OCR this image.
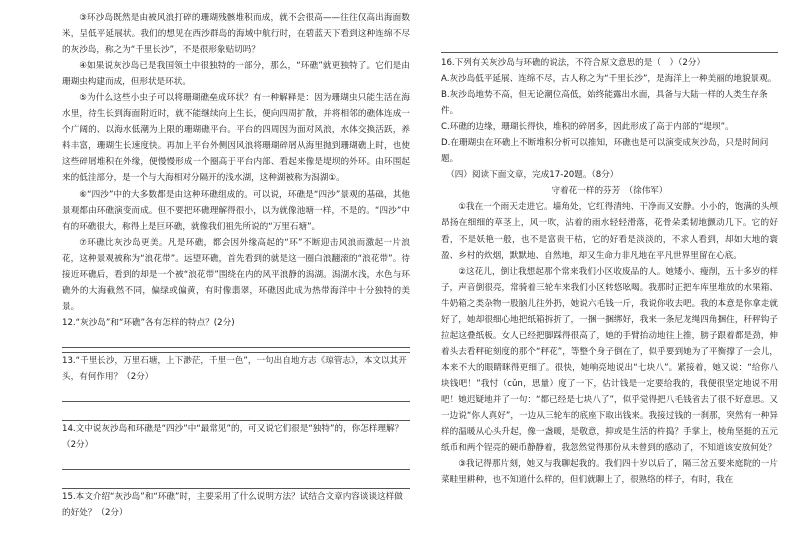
③环沙岛既然是由被风浪打碎的珊瑚残骸堆积而成，就不会很高——往往仅高出海面数米，呈低平延展状。我们的想见在西沙群岛的海域中航行时，在碧蓝天下看到这种连绵不尽的灰沙岛，称之为“千里长沙”，不是很形象贴切吗？

④如果说灰沙岛已是我国领土中很独特的一部分，那么，“环礁”就更独特了。它们是由珊瑚虫构建而成，但形状是环状。

⑤为什么这些小虫子可以将珊瑚礁垒成环状？有一种解释是：因为珊瑚虫只能生活在海水里，待生长到海面附近时，就不能继续向上生长，便向四周扩散，并将相邻的礁体连成一个广阔的、以海水低潮为上限的珊瑚礁平台。平台的四周因为面对风浪，水体交换活跃，养料丰富，珊瑚生长速度快。再加上平台外侧因风浪将珊瑚碎屑从海里抛到珊瑚礁上时，也使这些碎屑堆积在外缘，便慢慢形成一个圈高于平台内部、看起来像是堤坝的外环。由环围起来的低洼部分，是一个与大海相对分隔开的浅水湖，这种湖被称为潟湖①。

⑥“四沙”中的大多数都是由这种环礁组成的。可以说，环礁是“四沙”景观的基础，其他景观都由环礁演变而成。但不要把环礁理解得很小，以为就像池塘一样，不是的。“四沙”中有的环礁很大，称得上是巨环礁，就像我们祖先所说的“万里石塘”。

⑦环礁比灰沙岛更美。凡是环礁，都会因外缘高起的“环”不断迎击风浪而激起一片浪花，这种景观被称为“浪花带”。远望环礁，首先看到的就是这一圈白浪翻滚的“浪花带”。待接近环礁后，看到的却是一个被“浪花带”围绕在内的风平浪静的潟湖。潟湖水浅，水色与环礁外的大海截然不同，偏绿或偏黄，有时像翡翠，环礁因此成为热带海洋中十分独特的美景。

12.“灰沙岛”和“环礁”各有怎样的特点？(2分)

13.“千里长沙，万里石塘，上下渺茫，千里一色”，一句出自地方志《琼管志》，本文以其开头，有何作用？（2分）

14.文中说灰沙岛和环礁是“四沙”中“最常见”的，可又说它们很是“独特”的，你怎样理解？（2分）

15.本文介绍“灰沙岛”和“环礁”时，主要采用了什么说明方法？试结合文章内容谈谈这样做的好处？（2分）

16.下列有关灰沙岛与环礁的说法，不符合原文意思的是（　）（2分）

A.灰沙岛低平延展、连绵不尽，古人称之为“千里长沙”，是海洋上一种美丽的地貌景观。

B.灰沙岛地势不高，但无论潮位高低，始终能露出水面，具备与大陆一样的人类生存条件。

C.环礁的边缘，珊瑚长得快，堆积的碎屑多，因此形成了高于内部的“堤坝”。

D.在珊瑚虫在环礁上不断堆积分析可以推知，环礁也是可以演变成灰沙岛，只是时间问题。

（四）阅读下面文章，完成17-20题。（8分）

守着花一样的芬芳　（徐伟军）

①我在一个雨天走进它。墙角处，它红得清纯、干净而又安静。小小的，饱满的头颅昂扬在细细的草茎上，风一吹，沾着的雨水轻轻滑落，花骨朵柔韧地颤动几下。它的好看，不是妖艳一般，也不是富贵干枯，它的好看是淡淡的，不求人看到，却如大地的寰盈、乡村的炊烟，默默地、自然地，却又生命力非凡地在平凡世界里留在心底。

②这花儿，倒让我想起那个常来我们小区收废品的人。她矮小、瘦削，五十多岁的样子，声音倒很亮，常骑着三轮车来我们小区转悠吆喝。我那时正把车库里堆放的水果箱、牛奶箱之类杂物一股脑儿往外扔，她说六毛钱一斤，我说你收去吧。我的本意是你拿走就好了，她却很细心地把纸箱拆折了，一捆一捆绑好，我来一条尼龙绳四角捆住，秆秤钩子拉起这叠纸板。女人已经把脚踩得很高了，她的手臂抬动地往上推，膀子跟着都是劲，伸着头去看秤砣刻度的那个“秤花”，等整个身子倒在了，似乎要到她为了平衡撑了一会儿，本来不大的眼睛眯得更细了。很快，她响亮地说出“七块八”。紧接着，她又说：“给你八块钱吧！”我忖（cǔn，思量）度了一下，估计钱是一定要给我的，我便很坚定地说不用吧！她迟疑地并了一句：“都已经是七块八了”，似乎觉得把八毛钱省去了很不好意思。又一边说“你人真好”，一边从三轮车的底座下取出钱来。我接过钱的一刹那，突然有一种异样的温暖从心头升起，像一盏暖，是敬意，抑或是生活的杵捣？手掌上，棱角坚挺的五元纸币和两个锃亮的硬币静静着，我忽然觉得那份从未曾到的感动了，不知道该安放何处？

③我记得那片刻，她又与我聊起我的。我们四十岁以后了，隔三岔五要来庭院的一片菜畦里耕种，也不知道什么样的，但们就聊上了，很熟络的样子，有时，我在
